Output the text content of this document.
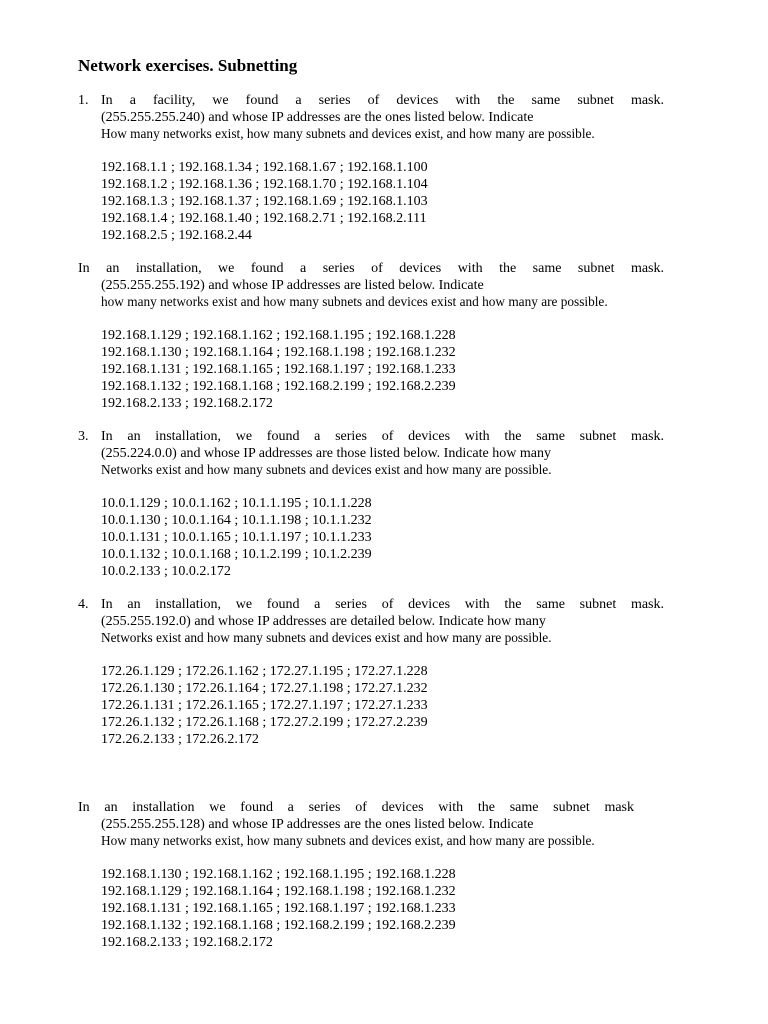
Network exercises. Subnetting
1. In a facility, we found a series of devices with the same subnet mask.
(255.255.255.240) and whose IP addresses are the ones listed below. Indicate
How many networks exist, how many subnets and devices exist, and how many are possible.
192.168.1.1 ; 192.168.1.34 ; 192.168.1.67 ; 192.168.1.100
192.168.1.2 ; 192.168.1.36 ; 192.168.1.70 ; 192.168.1.104
192.168.1.3 ; 192.168.1.37 ; 192.168.1.69 ; 192.168.1.103
192.168.1.4 ; 192.168.1.40 ; 192.168.2.71 ; 192.168.2.111
192.168.2.5 ; 192.168.2.44
In an installation, we found a series of devices with the same subnet mask.
(255.255.255.192) and whose IP addresses are listed below. Indicate
how many networks exist and how many subnets and devices exist and how many are possible.
192.168.1.129 ; 192.168.1.162 ; 192.168.1.195 ; 192.168.1.228
192.168.1.130 ; 192.168.1.164 ; 192.168.1.198 ; 192.168.1.232
192.168.1.131 ; 192.168.1.165 ; 192.168.1.197 ; 192.168.1.233
192.168.1.132 ; 192.168.1.168 ; 192.168.2.199 ; 192.168.2.239
192.168.2.133 ; 192.168.2.172
3. In an installation, we found a series of devices with the same subnet mask.
(255.224.0.0) and whose IP addresses are those listed below. Indicate how many
Networks exist and how many subnets and devices exist and how many are possible.
10.0.1.129 ; 10.0.1.162 ; 10.1.1.195 ; 10.1.1.228
10.0.1.130 ; 10.0.1.164 ; 10.1.1.198 ; 10.1.1.232
10.0.1.131 ; 10.0.1.165 ; 10.1.1.197 ; 10.1.1.233
10.0.1.132 ; 10.0.1.168 ; 10.1.2.199 ; 10.1.2.239
10.0.2.133 ; 10.0.2.172
4. In an installation, we found a series of devices with the same subnet mask.
(255.255.192.0) and whose IP addresses are detailed below. Indicate how many
Networks exist and how many subnets and devices exist and how many are possible.
172.26.1.129 ; 172.26.1.162 ; 172.27.1.195 ; 172.27.1.228
172.26.1.130 ; 172.26.1.164 ; 172.27.1.198 ; 172.27.1.232
172.26.1.131 ; 172.26.1.165 ; 172.27.1.197 ; 172.27.1.233
172.26.1.132 ; 172.26.1.168 ; 172.27.2.199 ; 172.27.2.239
172.26.2.133 ; 172.26.2.172
In an installation we found a series of devices with the same subnet mask
(255.255.255.128) and whose IP addresses are the ones listed below. Indicate
How many networks exist, how many subnets and devices exist, and how many are possible.
192.168.1.130 ; 192.168.1.162 ; 192.168.1.195 ; 192.168.1.228
192.168.1.129 ; 192.168.1.164 ; 192.168.1.198 ; 192.168.1.232
192.168.1.131 ; 192.168.1.165 ; 192.168.1.197 ; 192.168.1.233
192.168.1.132 ; 192.168.1.168 ; 192.168.2.199 ; 192.168.2.239
192.168.2.133 ; 192.168.2.172
